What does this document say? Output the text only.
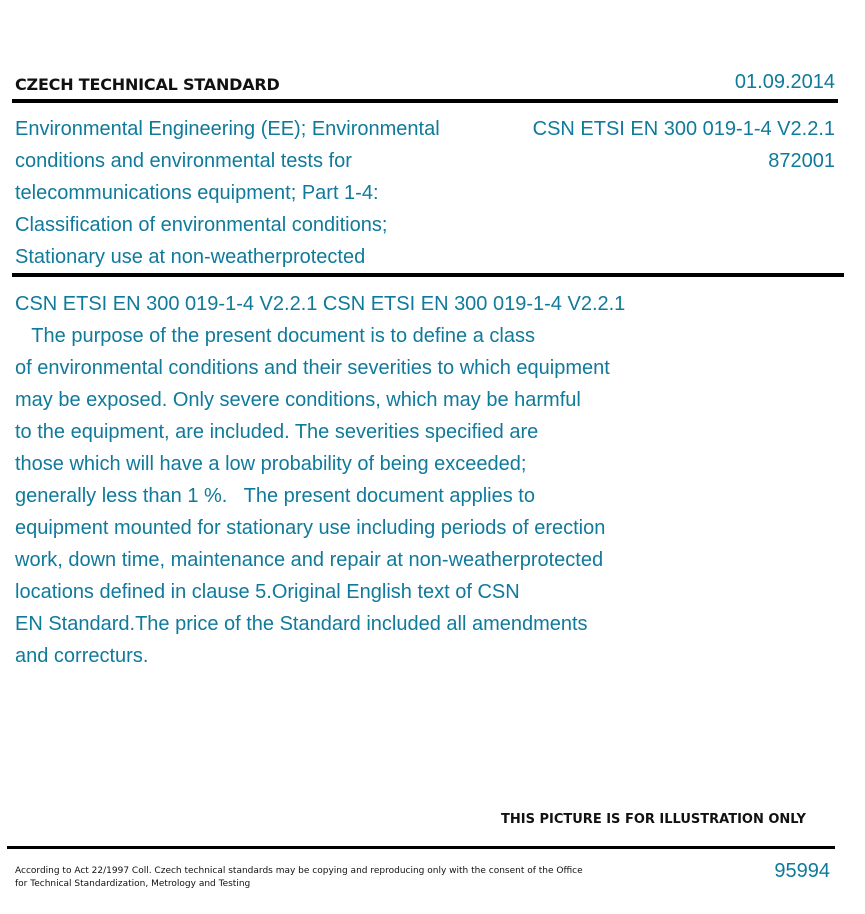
CZECH TECHNICAL STANDARD	01.09.2014
Environmental Engineering (EE); Environmental
conditions and environmental tests for
telecommunications equipment; Part 1-4:
Classification of environmental conditions;
Stationary use at non-weatherprotected
CSN ETSI EN 300 019-1-4 V2.2.1
872001
CSN ETSI EN 300 019-1-4 V2.2.1 CSN ETSI EN 300 019-1-4 V2.2.1
The purpose of the present document is to define a class
of environmental conditions and their severities to which equipment
may be exposed. Only severe conditions, which may be harmful
to the equipment, are included. The severities specified are
those which will have a low probability of being exceeded;
generally less than 1 %.   The present document applies to
equipment mounted for stationary use including periods of erection
work, down time, maintenance and repair at non-weatherprotected
locations defined in clause 5.Original English text of CSN
EN Standard.The price of the Standard included all amendments
and correcturs.
THIS PICTURE IS FOR ILLUSTRATION ONLY
According to Act 22/1997 Coll. Czech technical standards may be copying and reproducing only with the consent of the Office
for Technical Standardization, Metrology and Testing
95994
